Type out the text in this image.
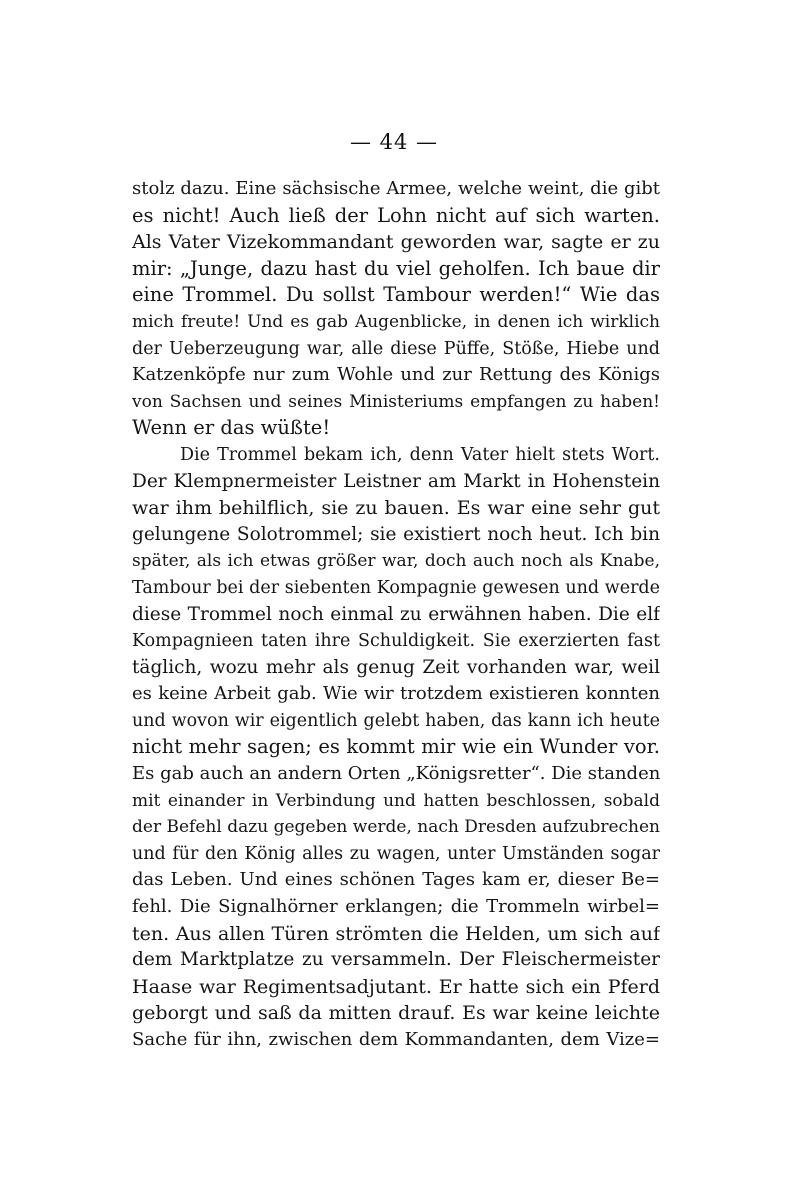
— 44 —
stolz dazu. Eine sächsische Armee, welche weint, die gibt
es nicht! Auch ließ der Lohn nicht auf sich warten.
Als Vater Vizekommandant geworden war, sagte er zu
mir: „Junge, dazu hast du viel geholfen. Ich baue dir
eine Trommel. Du sollst Tambour werden!“ Wie das
mich freute! Und es gab Augenblicke, in denen ich wirklich
der Ueberzeugung war, alle diese Püffe, Stöße, Hiebe und
Katzenköpfe nur zum Wohle und zur Rettung des Königs
von Sachsen und seines Ministeriums empfangen zu haben!
Wenn er das wüßte!
Die Trommel bekam ich, denn Vater hielt stets Wort.
Der Klempnermeister Leistner am Markt in Hohenstein
war ihm behilflich, sie zu bauen. Es war eine sehr gut
gelungene Solotrommel; sie existiert noch heut. Ich bin
später, als ich etwas größer war, doch auch noch als Knabe,
Tambour bei der siebenten Kompagnie gewesen und werde
diese Trommel noch einmal zu erwähnen haben. Die elf
Kompagnieen taten ihre Schuldigkeit. Sie exerzierten fast
täglich, wozu mehr als genug Zeit vorhanden war, weil
es keine Arbeit gab. Wie wir trotzdem existieren konnten
und wovon wir eigentlich gelebt haben, das kann ich heute
nicht mehr sagen; es kommt mir wie ein Wunder vor.
Es gab auch an andern Orten „Königsretter“. Die standen
mit einander in Verbindung und hatten beschlossen, sobald
der Befehl dazu gegeben werde, nach Dresden aufzubrechen
und für den König alles zu wagen, unter Umständen sogar
das Leben. Und eines schönen Tages kam er, dieser Be=
fehl. Die Signalhörner erklangen; die Trommeln wirbel=
ten. Aus allen Türen strömten die Helden, um sich auf
dem Marktplatze zu versammeln. Der Fleischermeister
Haase war Regimentsadjutant. Er hatte sich ein Pferd
geborgt und saß da mitten drauf. Es war keine leichte
Sache für ihn, zwischen dem Kommandanten, dem Vize=
